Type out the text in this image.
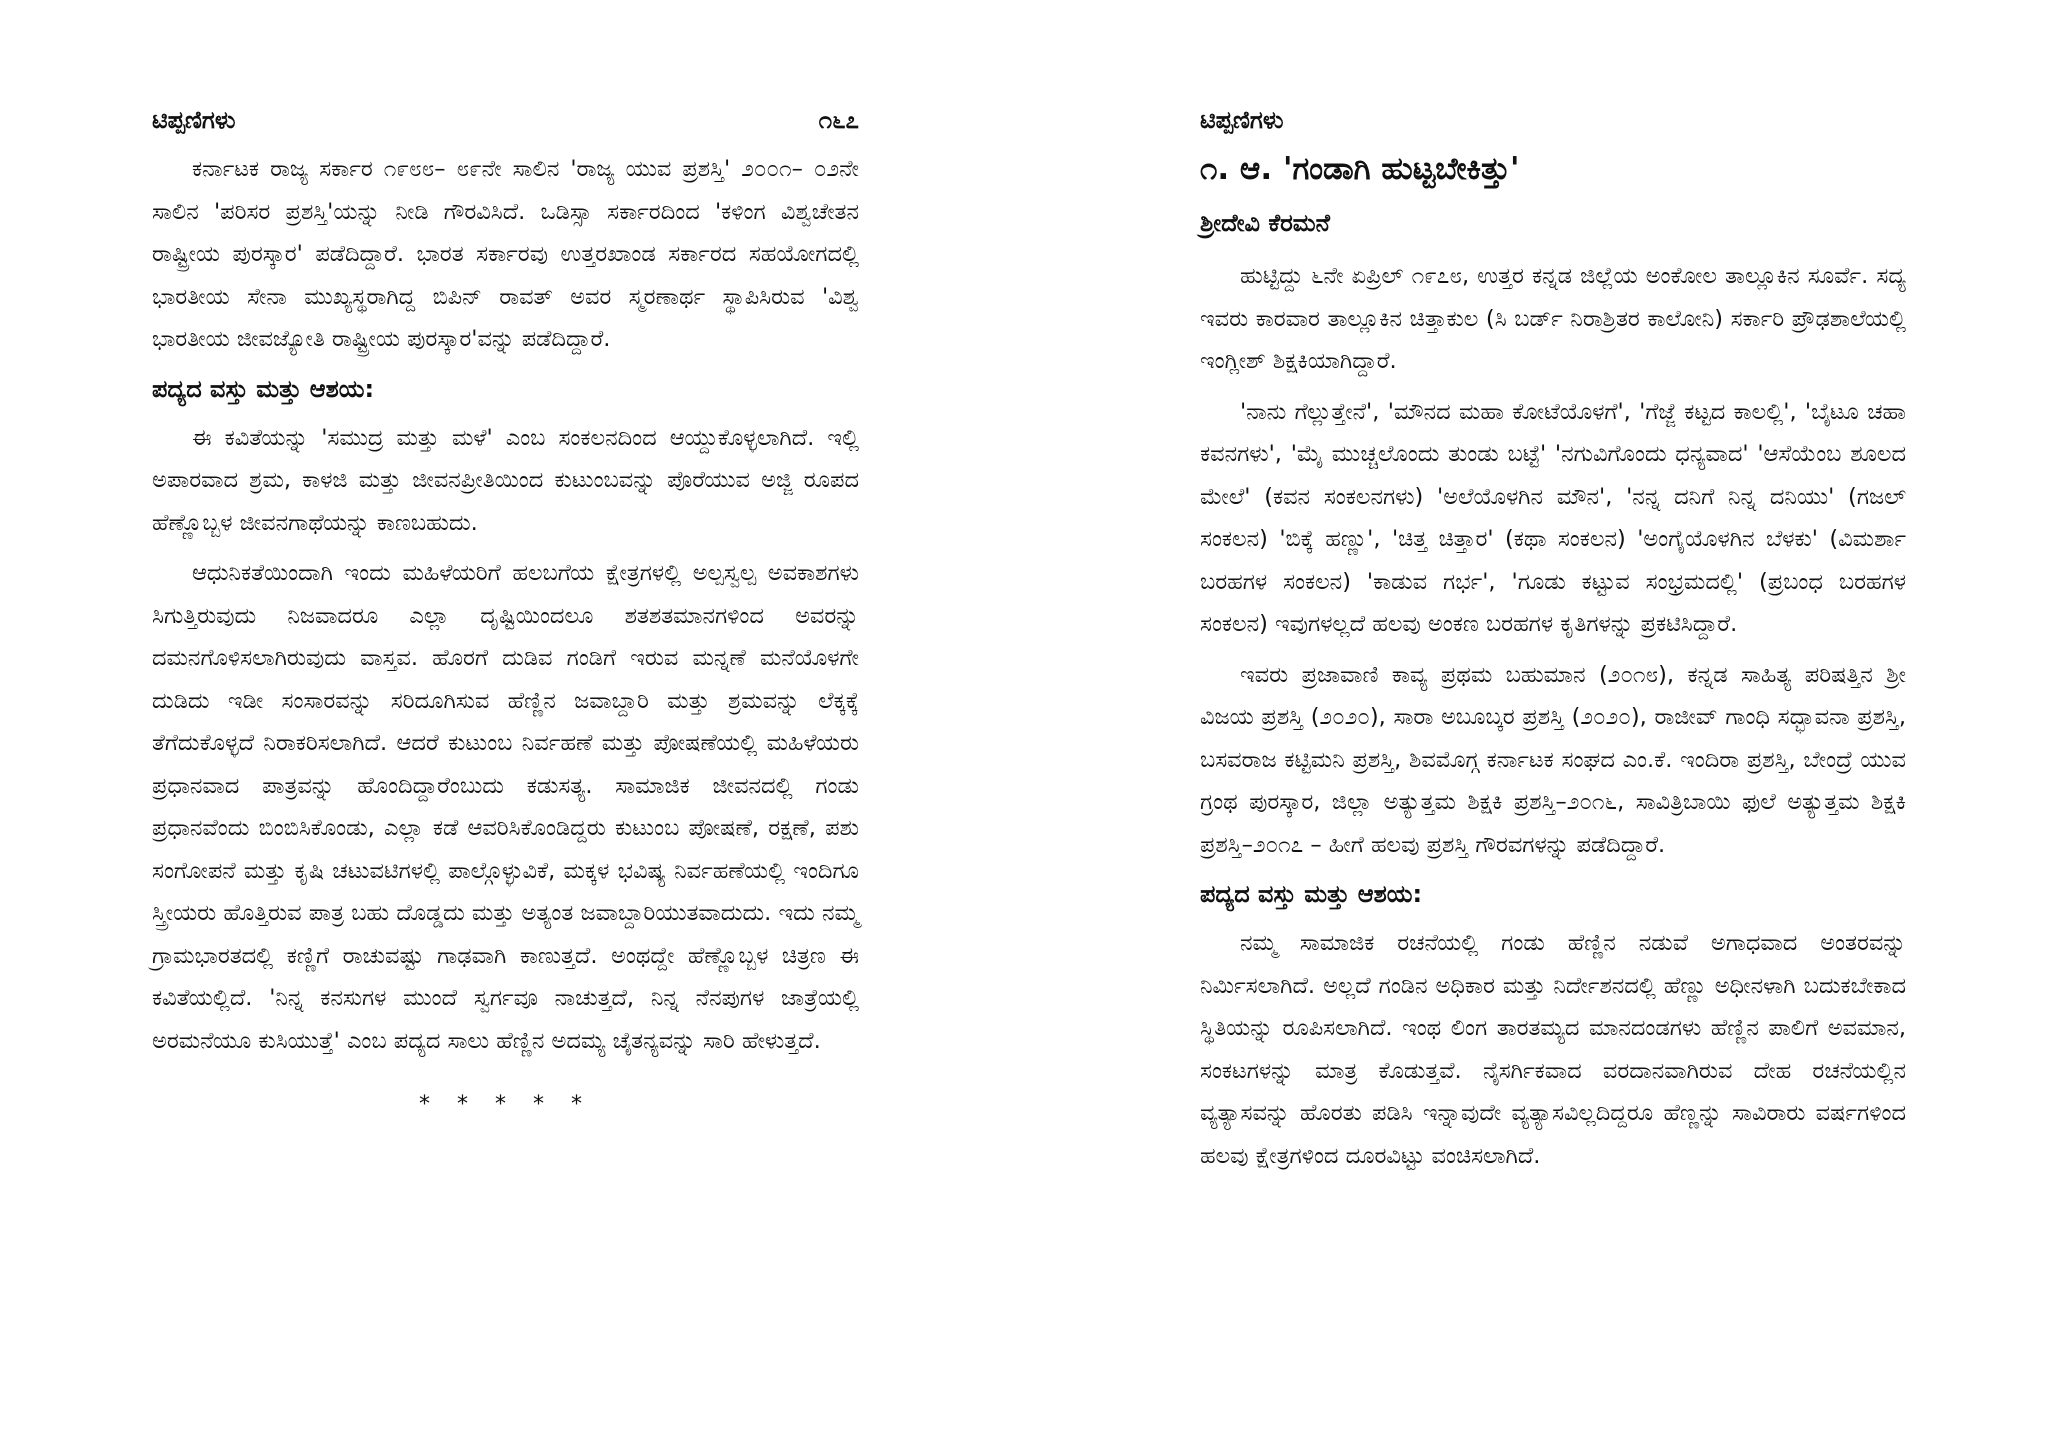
ಟಿಪ್ಪಣಿಗಳು	೧೬೭

ಕರ್ನಾಟಕ ರಾಜ್ಯ ಸರ್ಕಾರ ೧೯೮೮– ೮೯ನೇ ಸಾಲಿನ 'ರಾಜ್ಯ ಯುವ ಪ್ರಶಸ್ತಿ' ೨೦೦೧– ೦೨ನೇ ಸಾಲಿನ 'ಪರಿಸರ ಪ್ರಶಸ್ತಿ'ಯನ್ನು ನೀಡಿ ಗೌರವಿಸಿದೆ. ಒಡಿಸ್ಸಾ ಸರ್ಕಾರದಿಂದ 'ಕಳಿಂಗ ವಿಶ್ವಚೇತನ ರಾಷ್ಟ್ರೀಯ ಪುರಸ್ಕಾರ' ಪಡೆದಿದ್ದಾರೆ. ಭಾರತ ಸರ್ಕಾರವು ಉತ್ತರಖಾಂಡ ಸರ್ಕಾರದ ಸಹಯೋಗದಲ್ಲಿ ಭಾರತೀಯ ಸೇನಾ ಮುಖ್ಯಸ್ಥರಾಗಿದ್ದ ಬಿಪಿನ್ ರಾವತ್ ಅವರ ಸ್ಮರಣಾರ್ಥ ಸ್ಥಾಪಿಸಿರುವ 'ವಿಶ್ವ ಭಾರತೀಯ ಜೀವಜ್ಯೋತಿ ರಾಷ್ಟ್ರೀಯ ಪುರಸ್ಕಾರ'ವನ್ನು ಪಡೆದಿದ್ದಾರೆ.

ಪದ್ಯದ ವಸ್ತು ಮತ್ತು ಆಶಯ:

ಈ ಕವಿತೆಯನ್ನು 'ಸಮುದ್ರ ಮತ್ತು ಮಳೆ' ಎಂಬ ಸಂಕಲನದಿಂದ ಆಯ್ದುಕೊಳ್ಳಲಾಗಿದೆ. ಇಲ್ಲಿ ಅಪಾರವಾದ ಶ್ರಮ, ಕಾಳಜಿ ಮತ್ತು ಜೀವನಪ್ರೀತಿಯಿಂದ ಕುಟುಂಬವನ್ನು ಪೊರೆಯುವ ಅಜ್ಜಿ ರೂಪದ ಹೆಣ್ಣೊಬ್ಬಳ ಜೀವನಗಾಥೆಯನ್ನು ಕಾಣಬಹುದು.

ಆಧುನಿಕತೆಯಿಂದಾಗಿ ಇಂದು ಮಹಿಳೆಯರಿಗೆ ಹಲಬಗೆಯ ಕ್ಷೇತ್ರಗಳಲ್ಲಿ ಅಲ್ಪಸ್ವಲ್ಪ ಅವಕಾಶಗಳು ಸಿಗುತ್ತಿರುವುದು ನಿಜವಾದರೂ ಎಲ್ಲಾ ದೃಷ್ಟಿಯಿಂದಲೂ ಶತಶತಮಾನಗಳಿಂದ ಅವರನ್ನು ದಮನಗೊಳಿಸಲಾಗಿರುವುದು ವಾಸ್ತವ. ಹೊರಗೆ ದುಡಿವ ಗಂಡಿಗೆ ಇರುವ ಮನ್ನಣೆ ಮನೆಯೊಳಗೇ ದುಡಿದು ಇಡೀ ಸಂಸಾರವನ್ನು ಸರಿದೂಗಿಸುವ ಹೆಣ್ಣಿನ ಜವಾಬ್ದಾರಿ ಮತ್ತು ಶ್ರಮವನ್ನು ಲೆಕ್ಕಕ್ಕೆ ತೆಗೆದುಕೊಳ್ಳದೆ ನಿರಾಕರಿಸಲಾಗಿದೆ. ಆದರೆ ಕುಟುಂಬ ನಿರ್ವಹಣೆ ಮತ್ತು ಪೋಷಣೆಯಲ್ಲಿ ಮಹಿಳೆಯರು ಪ್ರಧಾನವಾದ ಪಾತ್ರವನ್ನು ಹೊಂದಿದ್ದಾರೆಂಬುದು ಕಡುಸತ್ಯ. ಸಾಮಾಜಿಕ ಜೀವನದಲ್ಲಿ ಗಂಡು ಪ್ರಧಾನವೆಂದು ಬಿಂಬಿಸಿಕೊಂಡು, ಎಲ್ಲಾ ಕಡೆ ಆವರಿಸಿಕೊಂಡಿದ್ದರು ಕುಟುಂಬ ಪೋಷಣೆ, ರಕ್ಷಣೆ, ಪಶು ಸಂಗೋಪನೆ ಮತ್ತು ಕೃಷಿ ಚಟುವಟಿಗಳಲ್ಲಿ ಪಾಲ್ಗೊಳ್ಳುವಿಕೆ, ಮಕ್ಕಳ ಭವಿಷ್ಯ ನಿರ್ವಹಣೆಯಲ್ಲಿ ಇಂದಿಗೂ ಸ್ತ್ರೀಯರು ಹೊತ್ತಿರುವ ಪಾತ್ರ ಬಹು ದೊಡ್ಡದು ಮತ್ತು ಅತ್ಯಂತ ಜವಾಬ್ದಾರಿಯುತವಾದುದು. ಇದು ನಮ್ಮ ಗ್ರಾಮಭಾರತದಲ್ಲಿ ಕಣ್ಣಿಗೆ ರಾಚುವಷ್ಟು ಗಾಢವಾಗಿ ಕಾಣುತ್ತದೆ. ಅಂಥದ್ದೇ ಹೆಣ್ಣೊಬ್ಬಳ ಚಿತ್ರಣ ಈ ಕವಿತೆಯಲ್ಲಿದೆ. 'ನಿನ್ನ ಕನಸುಗಳ ಮುಂದೆ ಸ್ವರ್ಗವೂ ನಾಚುತ್ತದೆ, ನಿನ್ನ ನೆನಪುಗಳ ಜಾತ್ರೆಯಲ್ಲಿ ಅರಮನೆಯೂ ಕುಸಿಯುತ್ತೆ' ಎಂಬ ಪದ್ಯದ ಸಾಲು ಹೆಣ್ಣಿನ ಅದಮ್ಯ ಚೈತನ್ಯವನ್ನು ಸಾರಿ ಹೇಳುತ್ತದೆ.

* * * * *
ಟಿಪ್ಪಣಿಗಳು
೧. ಆ. 'ಗಂಡಾಗಿ ಹುಟ್ಟಬೇಕಿತ್ತು'
ಶ್ರೀದೇವಿ ಕೆರಮನೆ

ಹುಟ್ಟಿದ್ದು ೬ನೇ ಏಪ್ರಿಲ್ ೧೯೭೮, ಉತ್ತರ ಕನ್ನಡ ಜಿಲ್ಲೆಯ ಅಂಕೋಲ ತಾಲ್ಲೂಕಿನ ಸೂರ್ವೆ. ಸದ್ಯ ಇವರು ಕಾರವಾರ ತಾಲ್ಲೂಕಿನ ಚಿತ್ತಾಕುಲ (ಸಿ ಬರ್ಡ್ ನಿರಾಶ್ರಿತರ ಕಾಲೋನಿ) ಸರ್ಕಾರಿ ಪ್ರೌಢಶಾಲೆಯಲ್ಲಿ ಇಂಗ್ಲೀಶ್ ಶಿಕ್ಷಕಿಯಾಗಿದ್ದಾರೆ.

'ನಾನು ಗೆಲ್ಲುತ್ತೇನೆ', 'ಮೌನದ ಮಹಾ ಕೋಟೆಯೊಳಗೆ', 'ಗೆಜ್ಜೆ ಕಟ್ಟದ ಕಾಲಲ್ಲಿ', 'ಬೈಟೂ ಚಹಾ ಕವನಗಳು', 'ಮೈ ಮುಚ್ಚಲೊಂದು ತುಂಡು ಬಟ್ಟೆ' 'ನಗುವಿಗೊಂದು ಧನ್ಯವಾದ' 'ಆಸೆಯೆಂಬ ಶೂಲದ ಮೇಲೆ' (ಕವನ ಸಂಕಲನಗಳು) 'ಅಲೆಯೊಳಗಿನ ಮೌನ', 'ನನ್ನ ದನಿಗೆ ನಿನ್ನ ದನಿಯು' (ಗಜಲ್ ಸಂಕಲನ) 'ಬಿಕ್ಕೆ ಹಣ್ಣು', 'ಚಿತ್ತ ಚಿತ್ತಾರ' (ಕಥಾ ಸಂಕಲನ) 'ಅಂಗೈಯೊಳಗಿನ ಬೆಳಕು' (ವಿಮರ್ಶಾ ಬರಹಗಳ ಸಂಕಲನ) 'ಕಾಡುವ ಗರ್ಭ', 'ಗೂಡು ಕಟ್ಟುವ ಸಂಭ್ರಮದಲ್ಲಿ' (ಪ್ರಬಂಧ ಬರಹಗಳ ಸಂಕಲನ) ಇವುಗಳಲ್ಲದೆ ಹಲವು ಅಂಕಣ ಬರಹಗಳ ಕೃತಿಗಳನ್ನು ಪ್ರಕಟಿಸಿದ್ದಾರೆ.

ಇವರು ಪ್ರಜಾವಾಣಿ ಕಾವ್ಯ ಪ್ರಥಮ ಬಹುಮಾನ (೨೦೧೮), ಕನ್ನಡ ಸಾಹಿತ್ಯ ಪರಿಷತ್ತಿನ ಶ್ರೀ ವಿಜಯ ಪ್ರಶಸ್ತಿ (೨೦೨೦), ಸಾರಾ ಅಬೂಬ್ಕರ ಪ್ರಶಸ್ತಿ (೨೦೨೦), ರಾಜೀವ್ ಗಾಂಧಿ ಸದ್ಭಾವನಾ ಪ್ರಶಸ್ತಿ, ಬಸವರಾಜ ಕಟ್ಟಿಮನಿ ಪ್ರಶಸ್ತಿ, ಶಿವಮೊಗ್ಗ ಕರ್ನಾಟಕ ಸಂಘದ ಎಂ.ಕೆ. ಇಂದಿರಾ ಪ್ರಶಸ್ತಿ, ಬೇಂದ್ರೆ ಯುವ ಗ್ರಂಥ ಪುರಸ್ಕಾರ, ಜಿಲ್ಲಾ ಅತ್ಯುತ್ತಮ ಶಿಕ್ಷಕಿ ಪ್ರಶಸ್ತಿ–೨೦೧೬, ಸಾವಿತ್ರಿಬಾಯಿ ಫುಲೆ ಅತ್ಯುತ್ತಮ ಶಿಕ್ಷಕಿ ಪ್ರಶಸ್ತಿ–೨೦೧೭ – ಹೀಗೆ ಹಲವು ಪ್ರಶಸ್ತಿ ಗೌರವಗಳನ್ನು ಪಡೆದಿದ್ದಾರೆ.

ಪದ್ಯದ ವಸ್ತು ಮತ್ತು ಆಶಯ:

ನಮ್ಮ ಸಾಮಾಜಿಕ ರಚನೆಯಲ್ಲಿ ಗಂಡು ಹೆಣ್ಣಿನ ನಡುವೆ ಅಗಾಧವಾದ ಅಂತರವನ್ನು ನಿರ್ಮಿಸಲಾಗಿದೆ. ಅಲ್ಲದೆ ಗಂಡಿನ ಅಧಿಕಾರ ಮತ್ತು ನಿರ್ದೇಶನದಲ್ಲಿ ಹೆಣ್ಣು ಅಧೀನಳಾಗಿ ಬದುಕಬೇಕಾದ ಸ್ಥಿತಿಯನ್ನು ರೂಪಿಸಲಾಗಿದೆ. ಇಂಥ ಲಿಂಗ ತಾರತಮ್ಯದ ಮಾನದಂಡಗಳು ಹೆಣ್ಣಿನ ಪಾಲಿಗೆ ಅವಮಾನ, ಸಂಕಟಗಳನ್ನು ಮಾತ್ರ ಕೊಡುತ್ತವೆ. ನೈಸರ್ಗಿಕವಾದ ವರದಾನವಾಗಿರುವ ದೇಹ ರಚನೆಯಲ್ಲಿನ ವ್ಯತ್ಯಾಸವನ್ನು ಹೊರತು ಪಡಿಸಿ ಇನ್ನಾವುದೇ ವ್ಯತ್ಯಾಸವಿಲ್ಲದಿದ್ದರೂ ಹೆಣ್ಣನ್ನು ಸಾವಿರಾರು ವರ್ಷಗಳಿಂದ ಹಲವು ಕ್ಷೇತ್ರಗಳಿಂದ ದೂರವಿಟ್ಟು ವಂಚಿಸಲಾಗಿದೆ.
